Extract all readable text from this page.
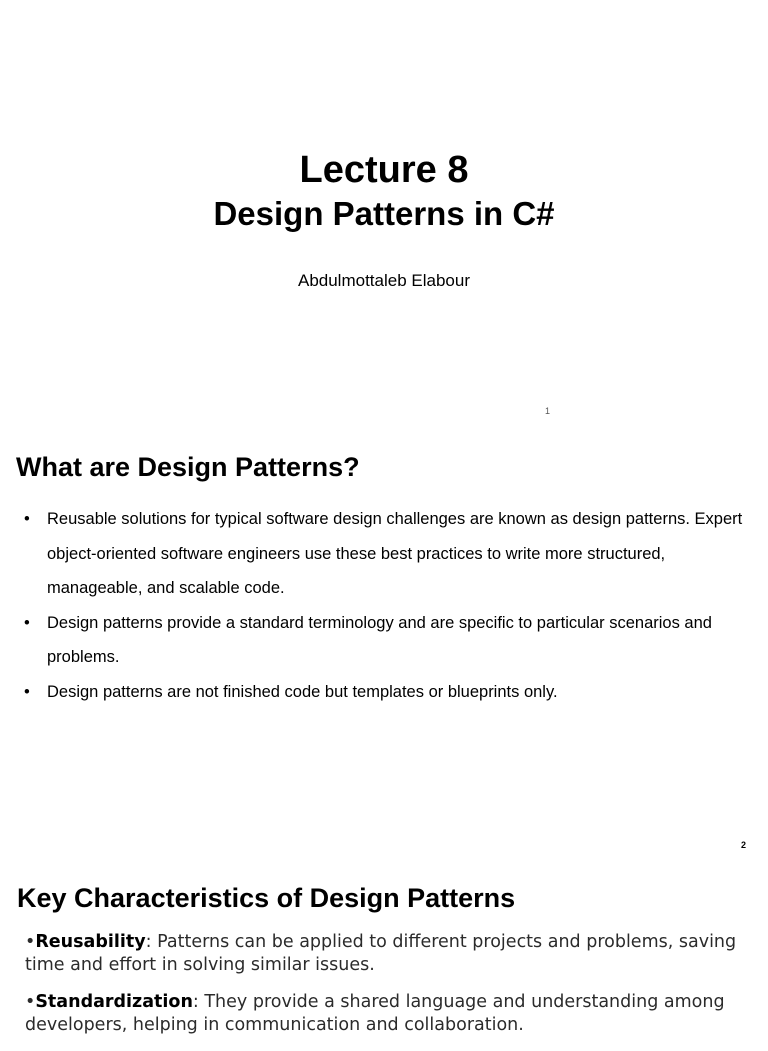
Lecture 8
Design Patterns in C#
Abdulmottaleb Elabour
1
What are Design Patterns?
• Reusable solutions for typical software design challenges are known as design patterns. Expert object-oriented software engineers use these best practices to write more structured, manageable, and scalable code.
• Design patterns provide a standard terminology and are specific to particular scenarios and problems.
• Design patterns are not finished code but templates or blueprints only.
2
Key Characteristics of Design Patterns
•Reusability: Patterns can be applied to different projects and problems, saving time and effort in solving similar issues.
•Standardization: They provide a shared language and understanding among developers, helping in communication and collaboration.
